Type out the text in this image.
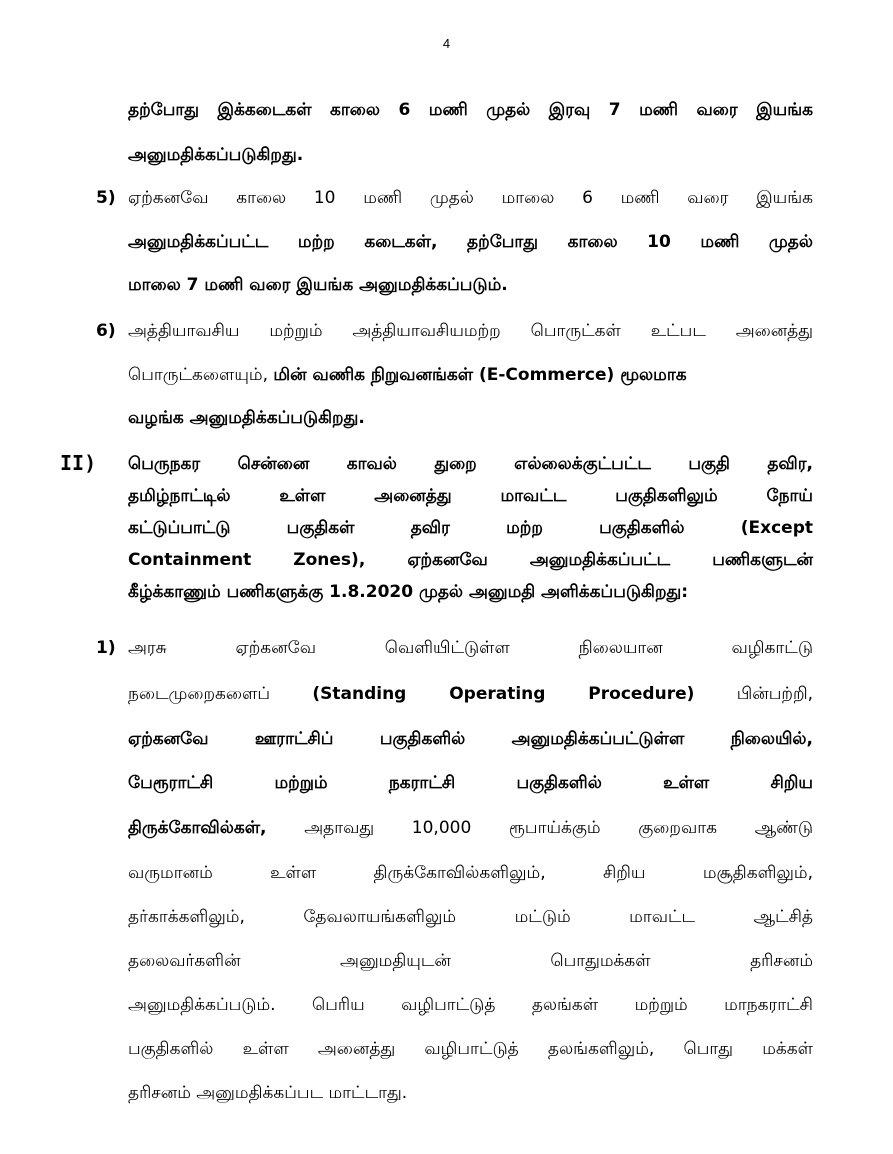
4
தற்போது இக்கடைகள் காலை 6 மணி முதல் இரவு 7 மணி வரை இயங்க
அனுமதிக்கப்படுகிறது.
5) ஏற்கனவே காலை 10 மணி முதல் மாலை 6 மணி வரை இயங்க
அனுமதிக்கப்பட்ட மற்ற கடைகள், தற்போது காலை 10 மணி முதல்
மாலை 7 மணி வரை இயங்க அனுமதிக்கப்படும்.
6) அத்தியாவசிய மற்றும் அத்தியாவசியமற்ற பொருட்கள் உட்பட அனைத்து
பொருட்களையும், மின் வணிக நிறுவனங்கள் (E-Commerce) மூலமாக
வழங்க அனுமதிக்கப்படுகிறது.
II) பெருநகர சென்னை காவல் துறை எல்லைக்குட்பட்ட பகுதி தவிர,
தமிழ்நாட்டில் உள்ள அனைத்து மாவட்ட பகுதிகளிலும் நோய்
கட்டுப்பாட்டு பகுதிகள் தவிர மற்ற பகுதிகளில் (Except
Containment Zones), ஏற்கனவே அனுமதிக்கப்பட்ட பணிகளுடன்
கீழ்க்காணும் பணிகளுக்கு 1.8.2020 முதல் அனுமதி அளிக்கப்படுகிறது:
1) அரசு ஏற்கனவே வெளியிட்டுள்ள நிலையான வழிகாட்டு
நடைமுறைகளைப் (Standing Operating Procedure) பின்பற்றி,
ஏற்கனவே ஊராட்சிப் பகுதிகளில் அனுமதிக்கப்பட்டுள்ள நிலையில்,
பேரூராட்சி மற்றும் நகராட்சி பகுதிகளில் உள்ள சிறிய
திருக்கோவில்கள், அதாவது 10,000 ரூபாய்க்கும் குறைவாக ஆண்டு
வருமானம் உள்ள திருக்கோவில்களிலும், சிறிய மசூதிகளிலும்,
தர்காக்களிலும், தேவலாயங்களிலும் மட்டும் மாவட்ட ஆட்சித்
தலைவர்களின் அனுமதியுடன் பொதுமக்கள் தரிசனம்
அனுமதிக்கப்படும். பெரிய வழிபாட்டுத் தலங்கள் மற்றும் மாநகராட்சி
பகுதிகளில் உள்ள அனைத்து வழிபாட்டுத் தலங்களிலும், பொது மக்கள்
தரிசனம் அனுமதிக்கப்பட மாட்டாது.
